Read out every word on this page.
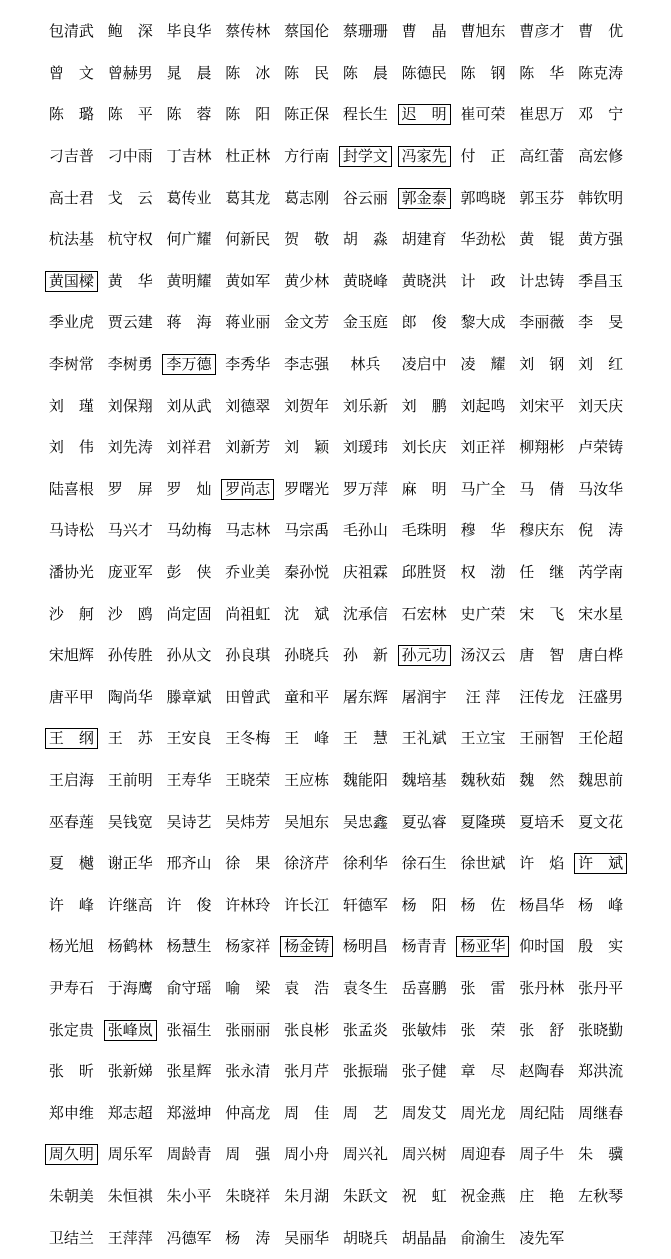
包清武 鲍　深 毕良华 蔡传林 蔡国伦 蔡珊珊 曹　晶 曹旭东 曹彦才 曹　优
曾　文 曾赫男 晁　晨 陈　冰 陈　民 陈　晨 陈德民 陈　钢 陈　华 陈克涛
陈　璐 陈　平 陈　蓉 陈　阳 陈正保 程长生 迟　明 崔可荣 崔思万 邓　宁
刁吉普 刁中雨 丁吉林 杜正林 方行南 封学文 冯家先 付　正 高红蕾 高宏修
高士君 戈　云 葛传业 葛其龙 葛志刚 谷云丽 郭金泰 郭鸣晓 郭玉芬 韩钦明
杭法基 杭守权 何广耀 何新民 贺　敬 胡　淼 胡建育 华劲松 黄　锟 黄方强
黄国樑 黄　华 黄明耀 黄如军 黄少林 黄晓峰 黄晓洪 计　政 计忠铸 季昌玉
季业虎 贾云建 蒋　海 蒋业丽 金文芳 金玉庭 郎　俊 黎大成 李丽薇 李　旻
李树常 李树勇 李万德 李秀华 李志强 林兵 凌启中 凌　耀 刘　钢 刘　红
刘　瑾 刘保翔 刘从武 刘德翠 刘贺年 刘乐新 刘　鹏 刘起鸣 刘宋平 刘天庆
刘　伟 刘先涛 刘祥君 刘新芳 刘　颖 刘瑗玮 刘长庆 刘正祥 柳翔彬 卢荣铸
陆喜根 罗　屏 罗　灿 罗尚志 罗曙光 罗万萍 麻　明 马广全 马　倩 马汝华
马诗松 马兴才 马幼梅 马志林 马宗禹 毛孙山 毛珠明 穆　华 穆庆东 倪　涛
潘协光 庞亚军 彭　侠 乔业美 秦孙悦 庆祖霖 邱胜贤 权　渤 任　继 芮学南
沙　舸 沙　鸥 尚定固 尚祖虹 沈　斌 沈承信 石宏林 史广荣 宋　飞 宋水星
宋旭辉 孙传胜 孙从文 孙良琪 孙晓兵 孙　新 孙元功 汤汉云 唐　智 唐白桦
唐平甲 陶尚华 滕章斌 田曾武 童和平 屠东辉 屠润宇 汪 萍 汪传龙 汪盛男
王　纲 王　苏 王安良 王冬梅 王　峰 王　慧 王礼斌 王立宝 王丽智 王伦超
王启海 王前明 王寿华 王晓荣 王应栋 魏能阳 魏培基 魏秋茹 魏　然 魏思前
巫春莲 吴钱宽 吴诗艺 吴炜芳 吴旭东 吴忠鑫 夏弘睿 夏隆瑛 夏培禾 夏文花
夏　樾 谢正华 邢齐山 徐　果 徐济芹 徐利华 徐石生 徐世斌 许　焰 许　斌
许　峰 许继高 许　俊 许林玲 许长江 轩德军 杨　阳 杨　佐 杨昌华 杨　峰
杨光旭 杨鹤林 杨慧生 杨家祥 杨金铸 杨明昌 杨青青 杨亚华 仰时国 殷　实
尹寿石 于海鹰 俞守瑶 喻　梁 袁　浩 袁冬生 岳喜鹏 张　雷 张丹林 张丹平
张定贵 张峰岚 张福生 张丽丽 张良彬 张孟炎 张敏炜 张　荣 张　舒 张晓勤
张　昕 张新娣 张星辉 张永清 张月芹 张振瑞 张子健 章　尽 赵陶春 郑洪流
郑申维 郑志超 郑滋坤 仲高龙 周　佳 周　艺 周发艾 周光龙 周纪陆 周继春
周久明 周乐军 周龄青 周　强 周小舟 周兴礼 周兴树 周迎春 周子牛 朱　骥
朱朝美 朱恒祺 朱小平 朱晓祥 朱月湖 朱跃文 祝　虹 祝金燕 庄　艳 左秋琴
卫结兰 王萍萍 冯德军 杨　涛 吴丽华 胡晓兵 胡晶晶 俞渝生 凌先军
